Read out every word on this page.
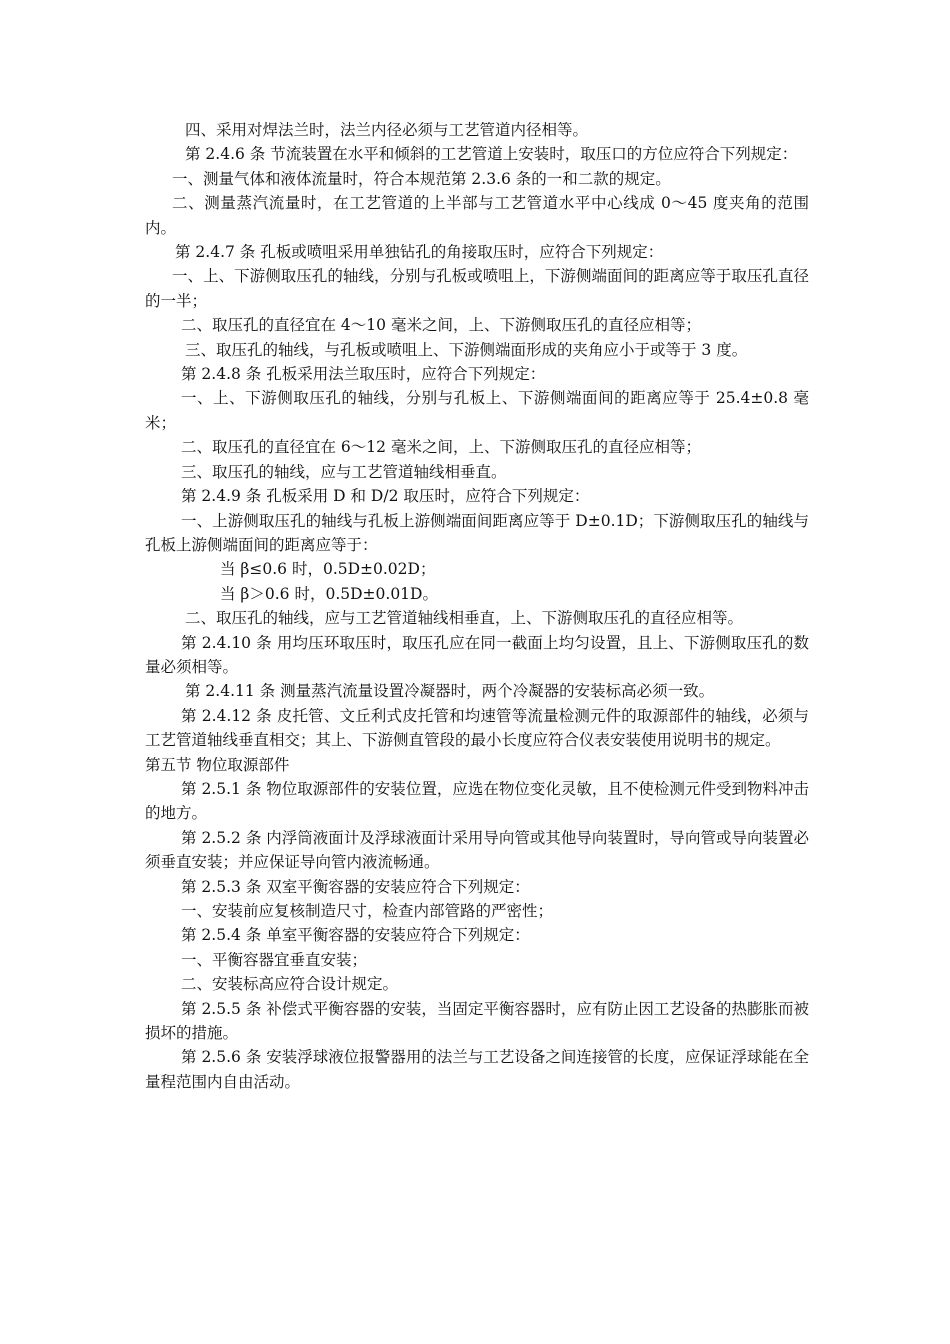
四、采用对焊法兰时，法兰内径必须与工艺管道内径相等。

第 2.4.6 条 节流装置在水平和倾斜的工艺管道上安装时，取压口的方位应符合下列规定：

一、测量气体和液体流量时，符合本规范第 2.3.6 条的一和二款的规定。

二、测量蒸汽流量时，在工艺管道的上半部与工艺管道水平中心线成 0～45 度夹角的范围内。

第 2.4.7 条 孔板或喷咀采用单独钻孔的角接取压时，应符合下列规定：

一、上、下游侧取压孔的轴线，分别与孔板或喷咀上，下游侧端面间的距离应等于取压孔直径的一半；

二、取压孔的直径宜在 4～10 毫米之间，上、下游侧取压孔的直径应相等；

三、取压孔的轴线，与孔板或喷咀上、下游侧端面形成的夹角应小于或等于 3 度。

第 2.4.8 条 孔板采用法兰取压时，应符合下列规定：

一、上、下游侧取压孔的轴线，分别与孔板上、下游侧端面间的距离应等于 25.4±0.8 毫米；

二、取压孔的直径宜在 6～12 毫米之间，上、下游侧取压孔的直径应相等；

三、取压孔的轴线，应与工艺管道轴线相垂直。

第 2.4.9 条 孔板采用 D 和 D/2 取压时，应符合下列规定：

一、上游侧取压孔的轴线与孔板上游侧端面间距离应等于 D±0.1D；下游侧取压孔的轴线与孔板上游侧端面间的距离应等于：

当 β≤0.6 时，0.5D±0.02D；

当 β＞0.6 时，0.5D±0.01D。

二、取压孔的轴线，应与工艺管道轴线相垂直，上、下游侧取压孔的直径应相等。

第 2.4.10 条 用均压环取压时，取压孔应在同一截面上均匀设置，且上、下游侧取压孔的数量必须相等。

第 2.4.11 条 测量蒸汽流量设置冷凝器时，两个冷凝器的安装标高必须一致。

第 2.4.12 条 皮托管、文丘利式皮托管和均速管等流量检测元件的取源部件的轴线，必须与工艺管道轴线垂直相交；其上、下游侧直管段的最小长度应符合仪表安装使用说明书的规定。

第五节 物位取源部件

第 2.5.1 条 物位取源部件的安装位置，应选在物位变化灵敏，且不使检测元件受到物料冲击的地方。

第 2.5.2 条 内浮筒液面计及浮球液面计采用导向管或其他导向装置时，导向管或导向装置必须垂直安装；并应保证导向管内液流畅通。

第 2.5.3 条 双室平衡容器的安装应符合下列规定：

一、安装前应复核制造尺寸，检查内部管路的严密性；

第 2.5.4 条 单室平衡容器的安装应符合下列规定：

一、平衡容器宜垂直安装；

二、安装标高应符合设计规定。

第 2.5.5 条 补偿式平衡容器的安装，当固定平衡容器时，应有防止因工艺设备的热膨胀而被损坏的措施。

第 2.5.6 条 安装浮球液位报警器用的法兰与工艺设备之间连接管的长度，应保证浮球能在全量程范围内自由活动。
